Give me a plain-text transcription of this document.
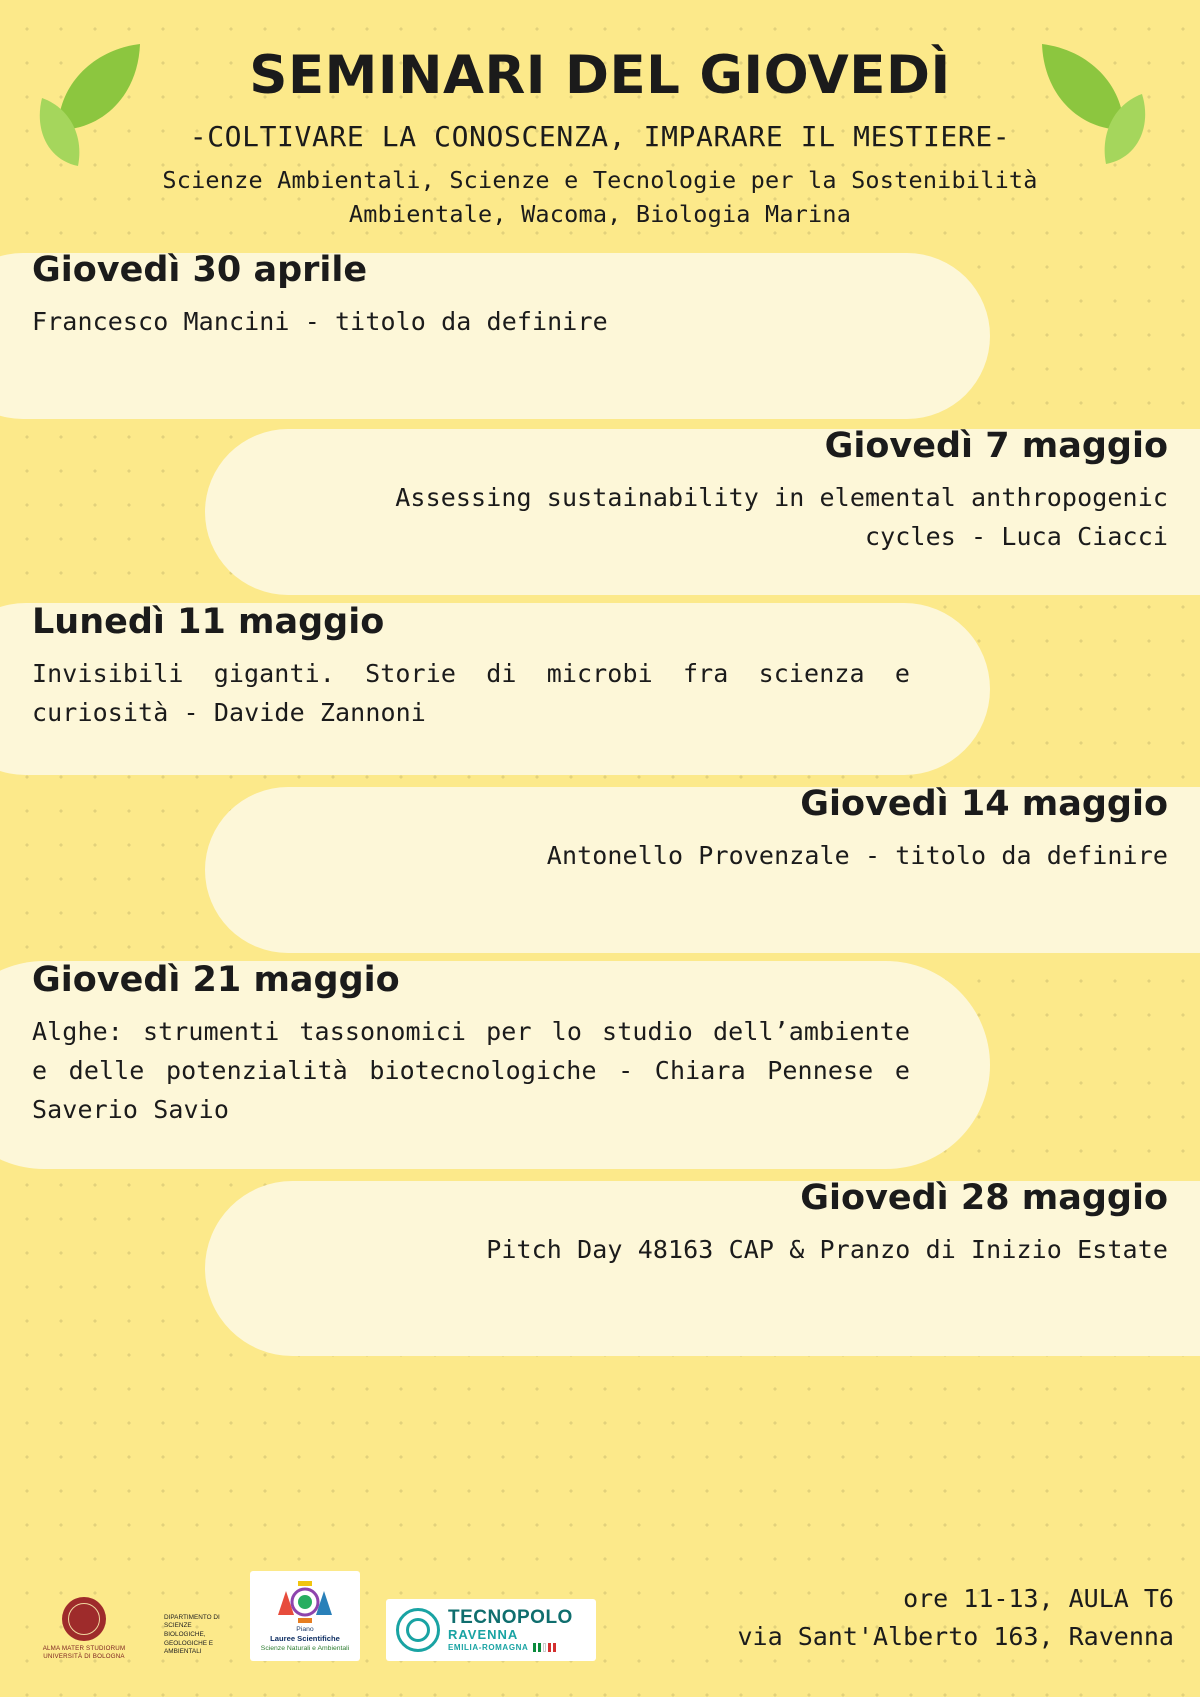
SEMINARI DEL GIOVEDÌ
-COLTIVARE LA CONOSCENZA, IMPARARE IL MESTIERE-
Scienze Ambientali, Scienze e Tecnologie per la Sostenibilità
Ambientale, Wacoma, Biologia Marina
Giovedì 30 aprile
Francesco Mancini - titolo da definire
Giovedì 7 maggio
Assessing sustainability in elemental anthropogenic cycles - Luca Ciacci
Lunedì 11 maggio
Invisibili giganti. Storie di microbi fra scienza e curiosità - Davide Zannoni
Giovedì 14 maggio
Antonello Provenzale - titolo da definire
Giovedì 21 maggio
Alghe: strumenti tassonomici per lo studio dell’ambiente e delle potenzialità biotecnologiche - Chiara Pennese e Saverio Savio
Giovedì 28 maggio
Pitch Day 48163 CAP & Pranzo di Inizio Estate
ALMA MATER STUDIORUM
UNIVERSITÀ DI BOLOGNA
DIPARTIMENTO DI SCIENZE BIOLOGICHE, GEOLOGICHE E AMBIENTALI
Piano
Lauree Scientifiche
Scienze Naturali e Ambientali
TECNOPOLO
RAVENNA
EMILIA-ROMAGNA
ore 11-13, AULA T6
via Sant'Alberto 163, Ravenna
